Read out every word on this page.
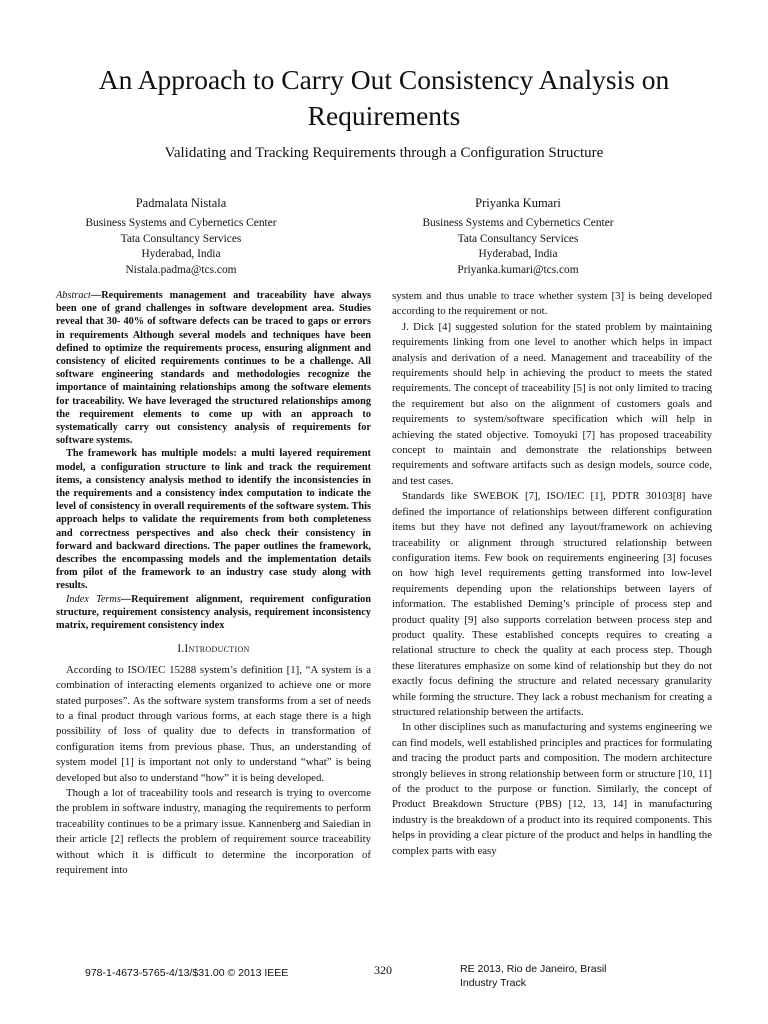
An Approach to Carry Out Consistency Analysis on Requirements
Validating and Tracking Requirements through a Configuration Structure
Padmalata Nistala
Business Systems and Cybernetics Center
Tata Consultancy Services
Hyderabad, India
Nistala.padma@tcs.com
Priyanka Kumari
Business Systems and Cybernetics Center
Tata Consultancy Services
Hyderabad, India
Priyanka.kumari@tcs.com

Abstract—Requirements management and traceability have always been one of grand challenges in software development area. Studies reveal that 30- 40% of software defects can be traced to gaps or errors in requirements Although several models and techniques have been defined to optimize the requirements process, ensuring alignment and consistency of elicited requirements continues to be a challenge. All software engineering standards and methodologies recognize the importance of maintaining relationships among the software elements for traceability. We have leveraged the structured relationships among the requirement elements to come up with an approach to systematically carry out consistency analysis of requirements for software systems.

The framework has multiple models: a multi layered requirement model, a configuration structure to link and track the requirement items, a consistency analysis method to identify the inconsistencies in the requirements and a consistency index computation to indicate the level of consistency in overall requirements of the software system. This approach helps to validate the requirements from both completeness and correctness perspectives and also check their consistency in forward and backward directions. The paper outlines the framework, describes the encompassing models and the implementation details from pilot of the framework to an industry case study along with results.

Index Terms—Requirement alignment, requirement configuration structure, requirement consistency analysis, requirement inconsistency matrix, requirement consistency index

I.Introduction

According to ISO/IEC 15288 system’s definition [1], “A system is a combination of interacting elements organized to achieve one or more stated purposes”. As the software system transforms from a set of needs to a final product through various forms, at each stage there is a high possibility of loss of quality due to defects in transformation of configuration items from previous phase. Thus, an understanding of system model [1] is important not only to understand “what” is being developed but also to understand “how” it is being developed.

Though a lot of traceability tools and research is trying to overcome the problem in software industry, managing the requirements to perform traceability continues to be a primary issue. Kannenberg and Saiedian in their article [2] reflects the problem of requirement source traceability without which it is difficult to determine the incorporation of requirement into

system and thus unable to trace whether system [3] is being developed according to the requirement or not.

J. Dick [4] suggested solution for the stated problem by maintaining requirements linking from one level to another which helps in impact analysis and derivation of a need. Management and traceability of the requirements should help in achieving the product to meets the stated requirements. The concept of traceability [5] is not only limited to tracing the requirement but also on the alignment of customers goals and requirements to system/software specification which will help in achieving the stated objective. Tomoyuki [7] has proposed traceability concept to maintain and demonstrate the relationships between requirements and software artifacts such as design models, source code, and test cases.

Standards like SWEBOK [7], ISO/IEC [1], PDTR 30103[8] have defined the importance of relationships between different configuration items but they have not defined any layout/framework on achieving traceability or alignment through structured relationship between configuration items. Few book on requirements engineering [3] focuses on how high level requirements getting transformed into low-level requirements depending upon the relationships between layers of information. The established Deming’s principle of process step and product quality [9] also supports correlation between process step and product quality. These established concepts requires to creating a relational structure to check the quality at each process step. Though these literatures emphasize on some kind of relationship but they do not exactly focus defining the structure and related necessary granularity while forming the structure. They lack a robust mechanism for creating a structured relationship between the artifacts.

In other disciplines such as manufacturing and systems engineering we can find models, well established principles and practices for formulating and tracing the product parts and composition. The modern architecture strongly believes in strong relationship between form or structure [10, 11] of the product to the purpose or function. Similarly, the concept of Product Breakdown Structure (PBS) [12, 13, 14] in manufacturing industry is the breakdown of a product into its required components. This helps in providing a clear picture of the product and helps in handling the complex parts with easy

978-1-4673-5765-4/13/$31.00 © 2013 IEEE	320	RE 2013, Rio de Janeiro, Brasil
Industry Track
